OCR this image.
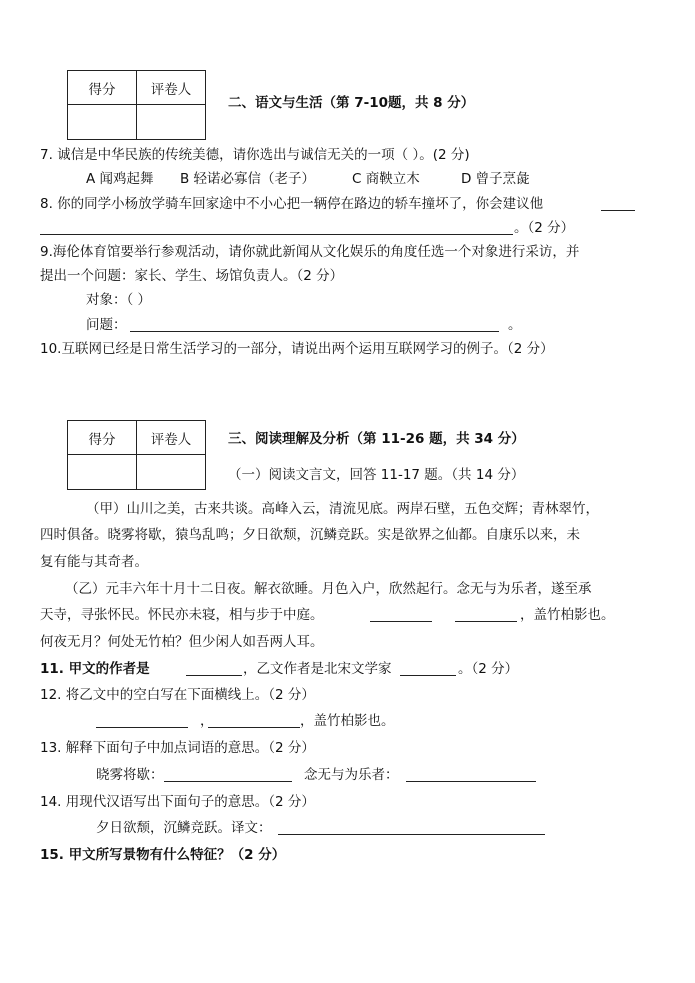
得分	评卷人

二、语文与生活（第 7-10题，共 8 分）
7. 诚信是中华民族的传统美德，请你选出与诚信无关的一项（ ）。(2 分)
A 闻鸡起舞 B 轻诺必寡信（老子）	C 商鞅立木	D 曾子烹彘
8. 你的同学小杨放学骑车回家途中不小心把一辆停在路边的轿车撞坏了，你会建议他
。（2 分）
9.海伦体育馆要举行参观活动，请你就此新闻从文化娱乐的角度任选一个对象进行采访，并
提出一个问题：家长、学生、场馆负责人。（2 分）
对象：（ ）
问题：	。
10.互联网已经是日常生活学习的一部分，请说出两个运用互联网学习的例子。（2 分）
得分	评卷人
		三、阅读理解及分析（第 11-26 题，共 34 分）
（一）阅读文言文，回答 11-17 题。（共 14 分）
（甲）山川之美，古来共谈。高峰入云，清流见底。两岸石壁，五色交辉；青林翠竹，
四时俱备。晓雾将歇，猿鸟乱鸣；夕日欲颓，沉鳞竞跃。实是欲界之仙都。自康乐以来，未
复有能与其奇者。
（乙）元丰六年十月十二日夜。解衣欲睡。月色入户，欣然起行。念无与为乐者，遂至承
天寺，寻张怀民。怀民亦未寝，相与步于中庭。	，盖竹柏影也。
何夜无月？何处无竹柏？但少闲人如吾两人耳。
11. 甲文的作者是	，乙文作者是北宋文学家	。（2 分）
12. 将乙文中的空白写在下面横线上。（2 分）
，	，盖竹柏影也。
13. 解释下面句子中加点词语的意思。（2 分）
晓雾将歇：	念无与为乐者：
14. 用现代汉语写出下面句子的意思。（2 分）
夕日欲颓，沉鳞竞跃。译文：
15. 甲文所写景物有什么特征？（2 分）
